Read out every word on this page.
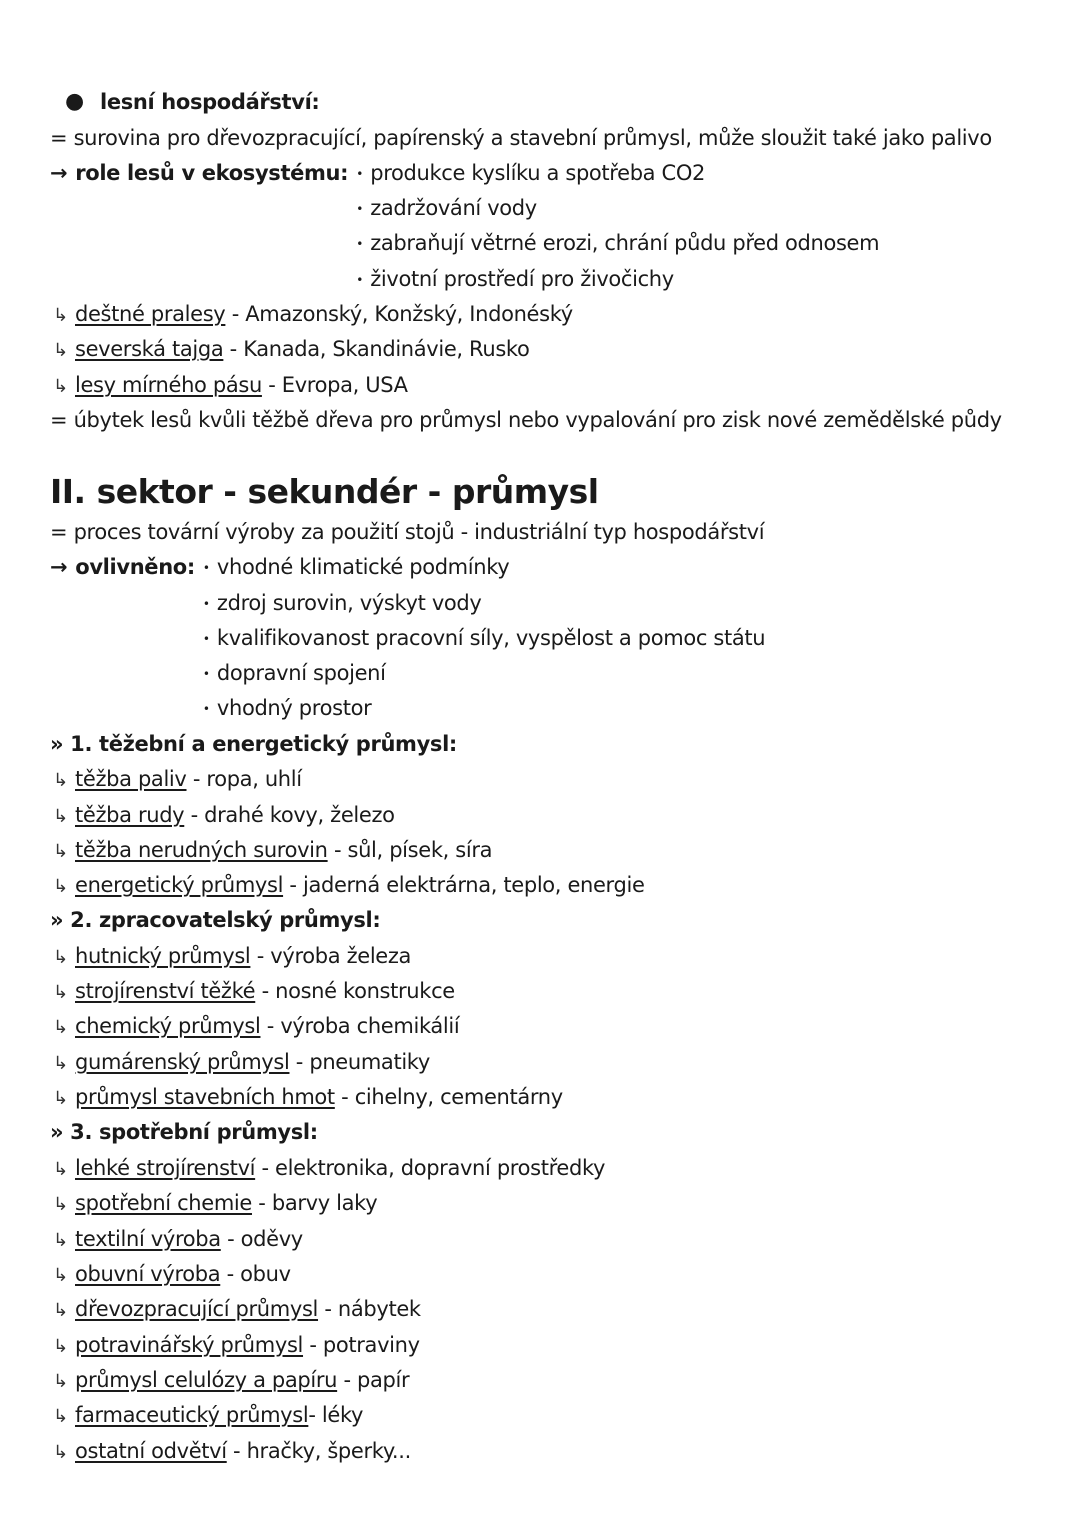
● lesní hospodářství:
= surovina pro dřevozpracující, papírenský a stavební průmysl, může sloužit také jako palivo
→ role lesů v ekosystému: • produkce kyslíku a spotřeba CO2
• zadržování vody
• zabraňují větrné erozi, chrání půdu před odnosem
• životní prostředí pro živočichy
↳ deštné pralesy - Amazonský, Konžský, Indonéský
↳ severská tajga - Kanada, Skandinávie, Rusko
↳ lesy mírného pásu - Evropa, USA
= úbytek lesů kvůli těžbě dřeva pro průmysl nebo vypalování pro zisk nové zemědělské půdy
II. sektor - sekundér - průmysl
= proces tovární výroby za použití stojů - industriální typ hospodářství
→ ovlivněno: • vhodné klimatické podmínky
• zdroj surovin, výskyt vody
• kvalifikovanost pracovní síly, vyspělost a pomoc státu
• dopravní spojení
• vhodný prostor
» 1. těžební a energetický průmysl:
↳ těžba paliv - ropa, uhlí
↳ těžba rudy - drahé kovy, železo
↳ těžba nerudných surovin - sůl, písek, síra
↳ energetický průmysl - jaderná elektrárna, teplo, energie
» 2. zpracovatelský průmysl:
↳ hutnický průmysl - výroba železa
↳ strojírenství těžké - nosné konstrukce
↳ chemický průmysl - výroba chemikálií
↳ gumárenský průmysl - pneumatiky
↳ průmysl stavebních hmot - cihelny, cementárny
» 3. spotřební průmysl:
↳ lehké strojírenství - elektronika, dopravní prostředky
↳ spotřební chemie - barvy laky
↳ textilní výroba - oděvy
↳ obuvní výroba - obuv
↳ dřevozpracující průmysl - nábytek
↳ potravinářský průmysl - potraviny
↳ průmysl celulózy a papíru - papír
↳ farmaceutický průmysl- léky
↳ ostatní odvětví - hračky, šperky...
